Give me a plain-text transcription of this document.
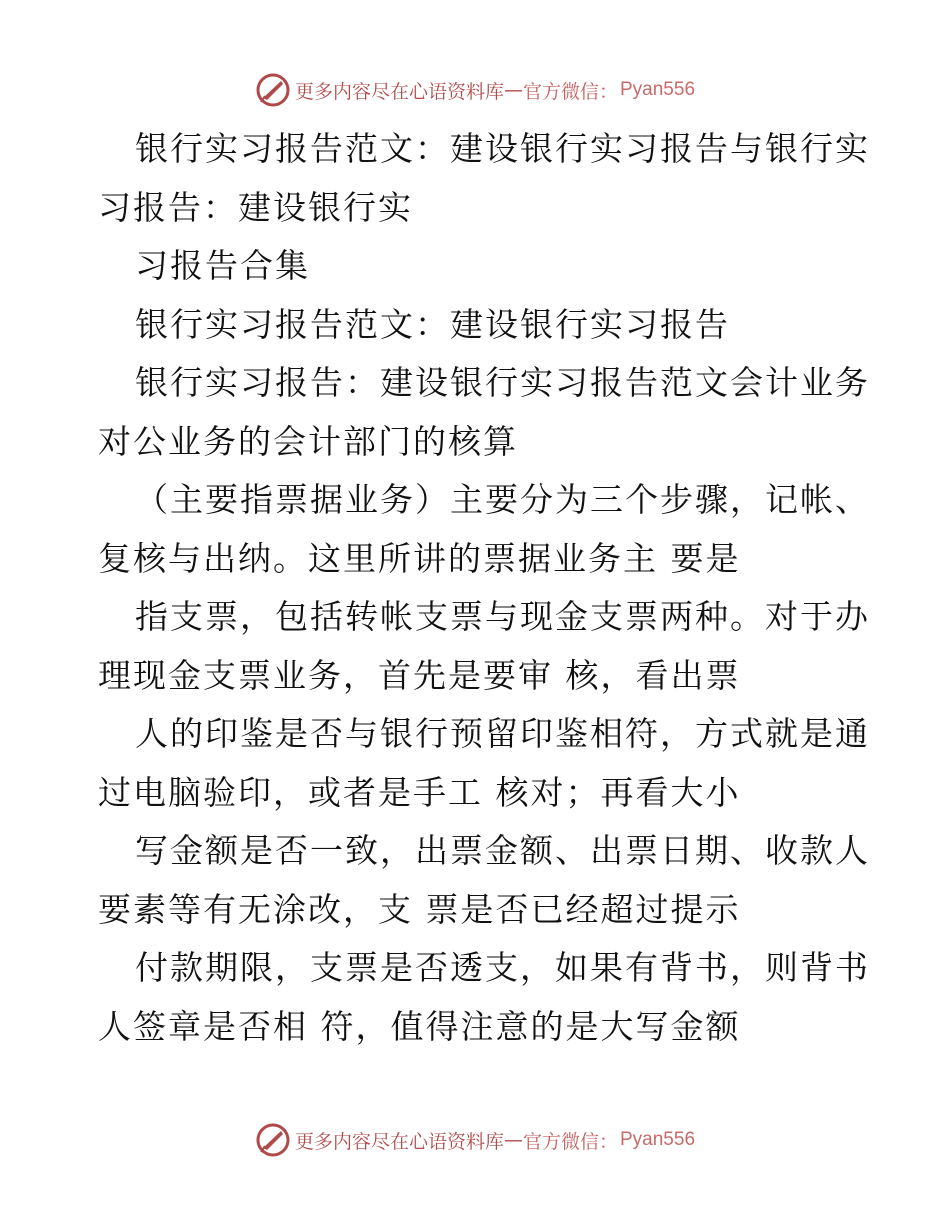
更多内容尽在心语资料库 — 官方微信： Pyan556

银行实习报告范文：建设银行实习报告与银行实
习报告：建设银行实

习报告合集

银行实习报告范文：建设银行实习报告

银行实习报告：建设银行实习报告范文会计业务
对公业务的会计部门的核算

（主要指票据业务）主要分为三个步骤，记帐、
复核与出纳。这里所讲的票据业务主 要是

指支票，包括转帐支票与现金支票两种。对于办
理现金支票业务，首先是要审 核，看出票

人的印鉴是否与银行预留印鉴相符，方式就是通
过电脑验印，或者是手工 核对；再看大小

写金额是否一致，出票金额、出票日期、收款人
要素等有无涂改，支 票是否已经超过提示

付款期限，支票是否透支，如果有背书，则背书
人签章是否相 符，值得注意的是大写金额

更多内容尽在心语资料库 — 官方微信： Pyan556
